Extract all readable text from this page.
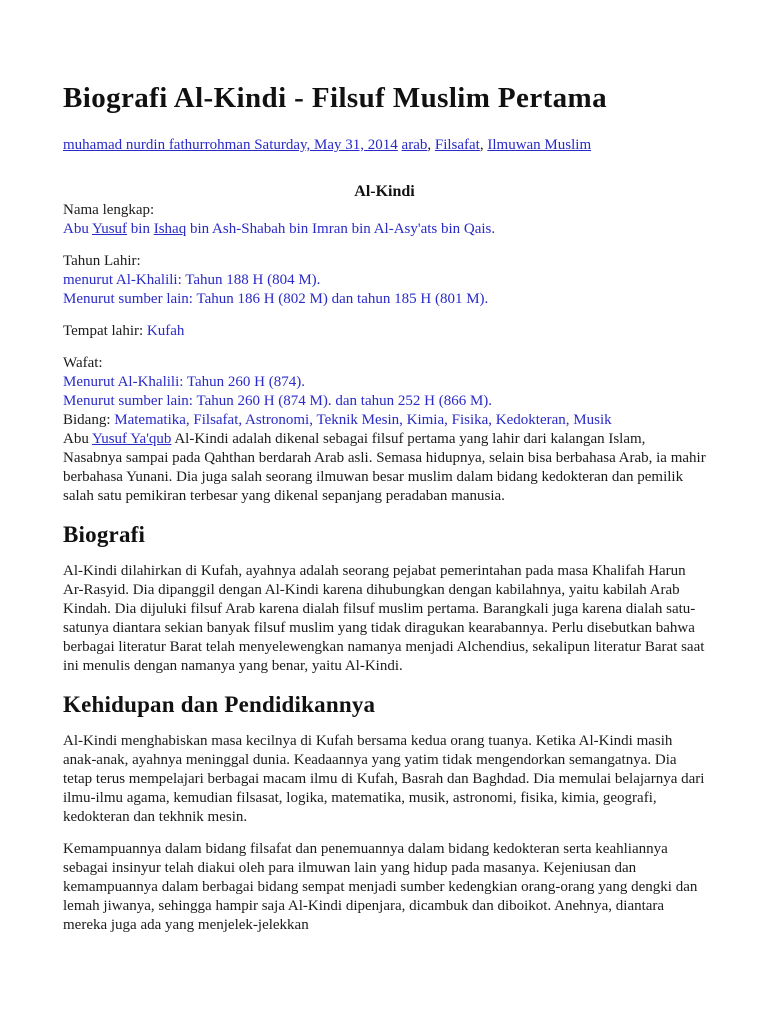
Biografi Al-Kindi - Filsuf Muslim Pertama
muhamad nurdin fathurrohman Saturday, May 31, 2014 arab, Filsafat, Ilmuwan Muslim
Al-Kindi
Nama lengkap:
Abu Yusuf bin Ishaq bin Ash-Shabah bin Imran bin Al-Asy'ats bin Qais.
Tahun Lahir:
menurut Al-Khalili: Tahun 188 H (804 M).
Menurut sumber lain: Tahun 186 H (802 M) dan tahun 185 H (801 M).
Tempat lahir: Kufah
Wafat:
Menurut Al-Khalili: Tahun 260 H (874).
Menurut sumber lain: Tahun 260 H (874 M). dan tahun 252 H (866 M).
Bidang: Matematika, Filsafat, Astronomi, Teknik Mesin, Kimia, Fisika, Kedokteran, Musik

Abu Yusuf Ya'qub Al-Kindi adalah dikenal sebagai filsuf pertama yang lahir dari kalangan Islam, Nasabnya sampai pada Qahthan berdarah Arab asli. Semasa hidupnya, selain bisa berbahasa Arab, ia mahir berbahasa Yunani. Dia juga salah seorang ilmuwan besar muslim dalam bidang kedokteran dan pemilik salah satu pemikiran terbesar yang dikenal sepanjang peradaban manusia.

Biografi

Al-Kindi dilahirkan di Kufah, ayahnya adalah seorang pejabat pemerintahan pada masa Khalifah Harun Ar-Rasyid. Dia dipanggil dengan Al-Kindi karena dihubungkan dengan kabilahnya, yaitu kabilah Arab Kindah. Dia dijuluki filsuf Arab karena dialah filsuf muslim pertama. Barangkali juga karena dialah satu-satunya diantara sekian banyak filsuf muslim yang tidak diragukan kearabannya. Perlu disebutkan bahwa berbagai literatur Barat telah menyelewengkan namanya menjadi Alchendius, sekalipun literatur Barat saat ini menulis dengan namanya yang benar, yaitu Al-Kindi.

Kehidupan dan Pendidikannya

Al-Kindi menghabiskan masa kecilnya di Kufah bersama kedua orang tuanya. Ketika Al-Kindi masih anak-anak, ayahnya meninggal dunia. Keadaannya yang yatim tidak mengendorkan semangatnya. Dia tetap terus mempelajari berbagai macam ilmu di Kufah, Basrah dan Baghdad. Dia memulai belajarnya dari ilmu-ilmu agama, kemudian filsasat, logika, matematika, musik, astronomi, fisika, kimia, geografi, kedokteran dan tekhnik mesin.

Kemampuannya dalam bidang filsafat dan penemuannya dalam bidang kedokteran serta keahliannya sebagai insinyur telah diakui oleh para ilmuwan lain yang hidup pada masanya. Kejeniusan dan kemampuannya dalam berbagai bidang sempat menjadi sumber kedengkian orang-orang yang dengki dan lemah jiwanya, sehingga hampir saja Al-Kindi dipenjara, dicambuk dan diboikot. Anehnya, diantara mereka juga ada yang menjelek-jelekkan
